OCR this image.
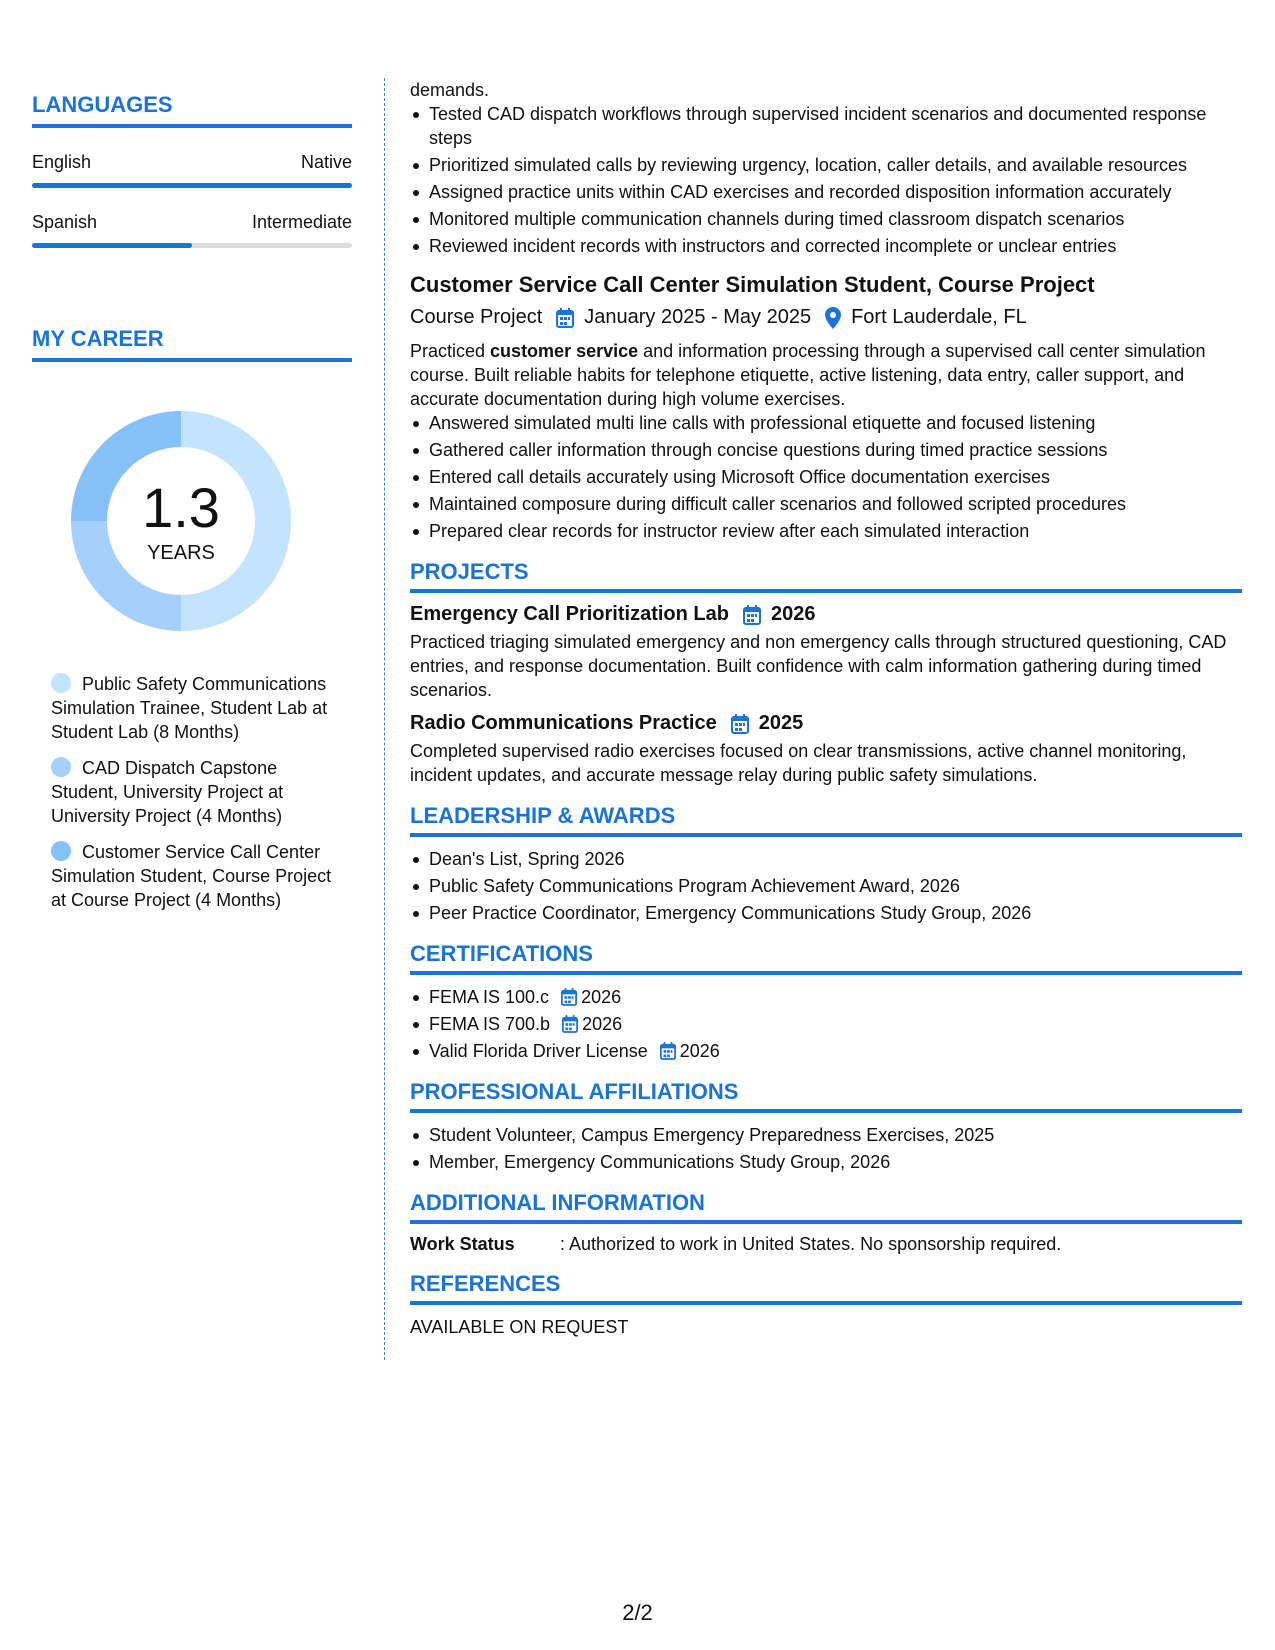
LANGUAGES
English	Native
Spanish	Intermediate
MY CAREER
1.3
YEARS
Public Safety Communications Simulation Trainee, Student Lab at Student Lab (8 Months)
CAD Dispatch Capstone Student, University Project at University Project (4 Months)
Customer Service Call Center Simulation Student, Course Project at Course Project (4 Months)
demands.
Tested CAD dispatch workflows through supervised incident scenarios and documented response steps
Prioritized simulated calls by reviewing urgency, location, caller details, and available resources
Assigned practice units within CAD exercises and recorded disposition information accurately
Monitored multiple communication channels during timed classroom dispatch scenarios
Reviewed incident records with instructors and corrected incomplete or unclear entries
Customer Service Call Center Simulation Student, Course Project
Course Project January 2025 - May 2025 Fort Lauderdale, FL
Practiced customer service and information processing through a supervised call center simulation course. Built reliable habits for telephone etiquette, active listening, data entry, caller support, and accurate documentation during high volume exercises.
Answered simulated multi line calls with professional etiquette and focused listening
Gathered caller information through concise questions during timed practice sessions
Entered call details accurately using Microsoft Office documentation exercises
Maintained composure during difficult caller scenarios and followed scripted procedures
Prepared clear records for instructor review after each simulated interaction
PROJECTS
Emergency Call Prioritization Lab 2026
Practiced triaging simulated emergency and non emergency calls through structured questioning, CAD entries, and response documentation. Built confidence with calm information gathering during timed scenarios.
Radio Communications Practice 2025
Completed supervised radio exercises focused on clear transmissions, active channel monitoring, incident updates, and accurate message relay during public safety simulations.
LEADERSHIP & AWARDS
Dean's List, Spring 2026
Public Safety Communications Program Achievement Award, 2026
Peer Practice Coordinator, Emergency Communications Study Group, 2026
CERTIFICATIONS
FEMA IS 100.c 2026
FEMA IS 700.b 2026
Valid Florida Driver License 2026
PROFESSIONAL AFFILIATIONS
Student Volunteer, Campus Emergency Preparedness Exercises, 2025
Member, Emergency Communications Study Group, 2026
ADDITIONAL INFORMATION
Work Status	: Authorized to work in United States. No sponsorship required.
REFERENCES
AVAILABLE ON REQUEST
2/2
